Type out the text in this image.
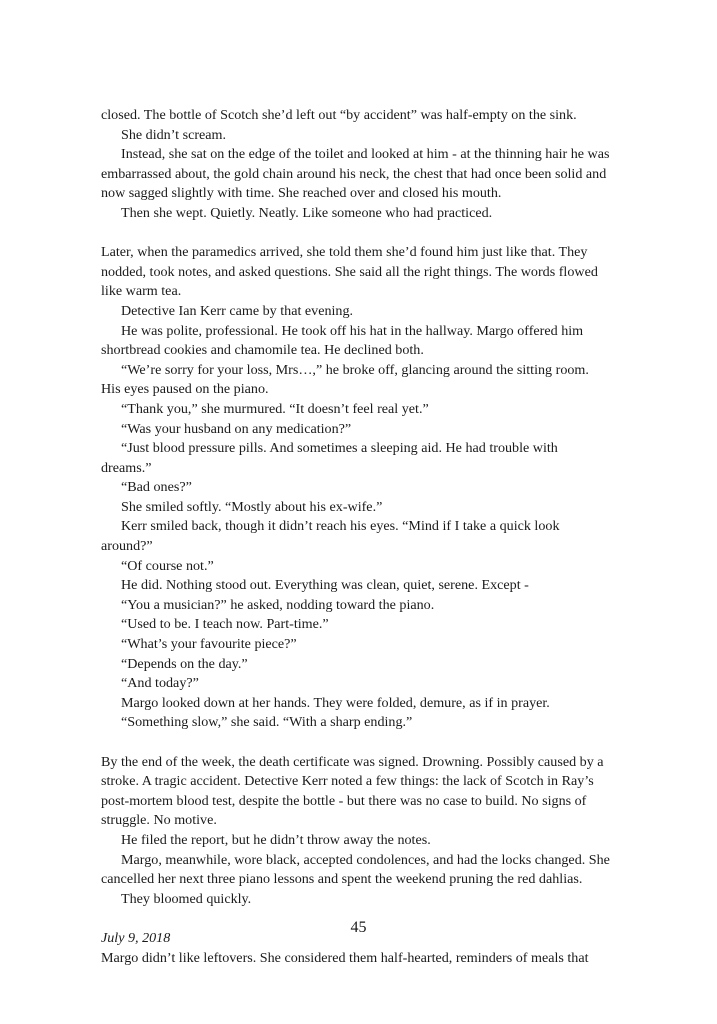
closed. The bottle of Scotch she’d left out “by accident” was half-empty on the sink.

She didn’t scream.

Instead, she sat on the edge of the toilet and looked at him - at the thinning hair he was embarrassed about, the gold chain around his neck, the chest that had once been solid and now sagged slightly with time. She reached over and closed his mouth.

Then she wept. Quietly. Neatly. Like someone who had practiced.

Later, when the paramedics arrived, she told them she’d found him just like that. They nodded, took notes, and asked questions. She said all the right things. The words flowed like warm tea.

Detective Ian Kerr came by that evening.

He was polite, professional. He took off his hat in the hallway. Margo offered him shortbread cookies and chamomile tea. He declined both.

“We’re sorry for your loss, Mrs…,” he broke off, glancing around the sitting room. His eyes paused on the piano.

“Thank you,” she murmured. “It doesn’t feel real yet.”

“Was your husband on any medication?”

“Just blood pressure pills. And sometimes a sleeping aid. He had trouble with dreams.”

“Bad ones?”

She smiled softly. “Mostly about his ex-wife.”

Kerr smiled back, though it didn’t reach his eyes. “Mind if I take a quick look around?”

“Of course not.”

He did. Nothing stood out. Everything was clean, quiet, serene. Except -

“You a musician?” he asked, nodding toward the piano.

“Used to be. I teach now. Part-time.”

“What’s your favourite piece?”

“Depends on the day.”

“And today?”

Margo looked down at her hands. They were folded, demure, as if in prayer.

“Something slow,” she said. “With a sharp ending.”

By the end of the week, the death certificate was signed. Drowning. Possibly caused by a stroke. A tragic accident. Detective Kerr noted a few things: the lack of Scotch in Ray’s post-mortem blood test, despite the bottle - but there was no case to build. No signs of struggle. No motive.

He filed the report, but he didn’t throw away the notes.

Margo, meanwhile, wore black, accepted condolences, and had the locks changed. She cancelled her next three piano lessons and spent the weekend pruning the red dahlias.

They bloomed quickly.

July 9, 2018

Margo didn’t like leftovers. She considered them half-hearted, reminders of meals that

45
